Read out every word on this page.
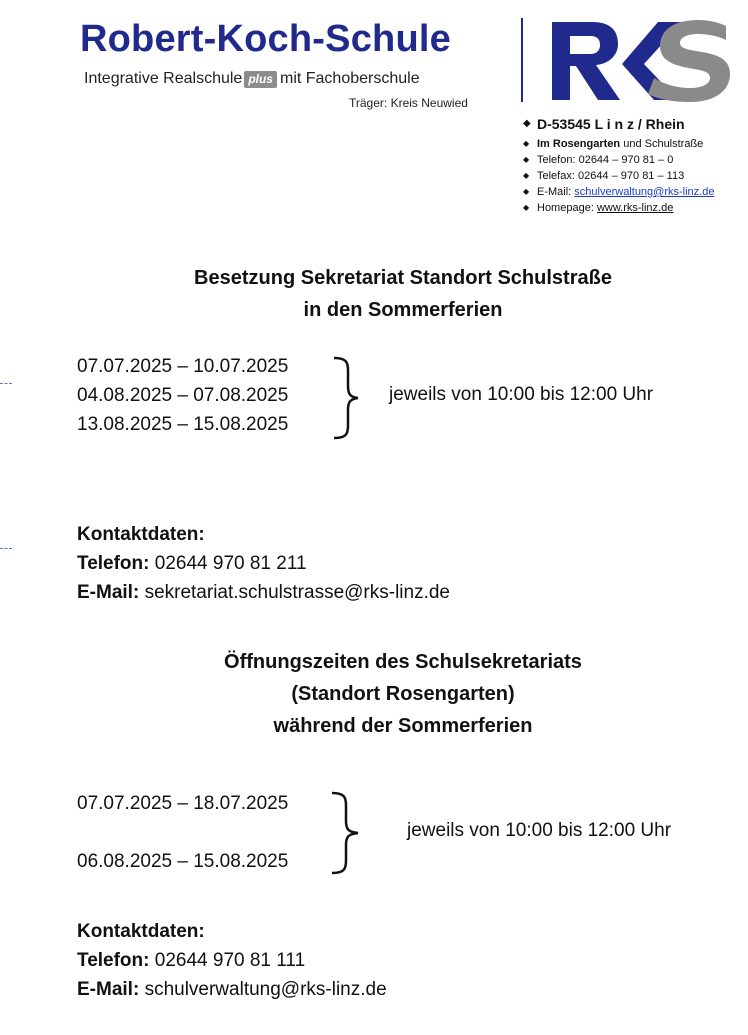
Robert-Koch-Schule
Integrative Realschule plus mit Fachoberschule
Träger: Kreis Neuwied
◆ D-53545 L i n z / Rhein
◆ Im Rosengarten
und Schulstraße
◆ Telefon: 02644 – 970 81 – 0
◆ Telefax: 02644 – 970 81 – 113
◆ E-Mail:
schulverwaltung@rks-linz.de
◆ Homepage:
www.rks-linz.de
Besetzung Sekretariat Standort Schulstraße
in den Sommerferien
07.07.2025 – 10.07.2025
04.08.2025 – 07.08.2025
13.08.2025 – 15.08.2025
jeweils von 10:00 bis 12:00 Uhr
Kontaktdaten:
Telefon: 02644 970 81 211
E-Mail: sekretariat.schulstrasse@rks-linz.de
Öffnungszeiten des Schulsekretariats
(Standort Rosengarten)
während der Sommerferien
07.07.2025 – 18.07.2025
06.08.2025 – 15.08.2025
jeweils von 10:00 bis 12:00 Uhr
Kontaktdaten:
Telefon: 02644 970 81 111
E-Mail: schulverwaltung@rks-linz.de
